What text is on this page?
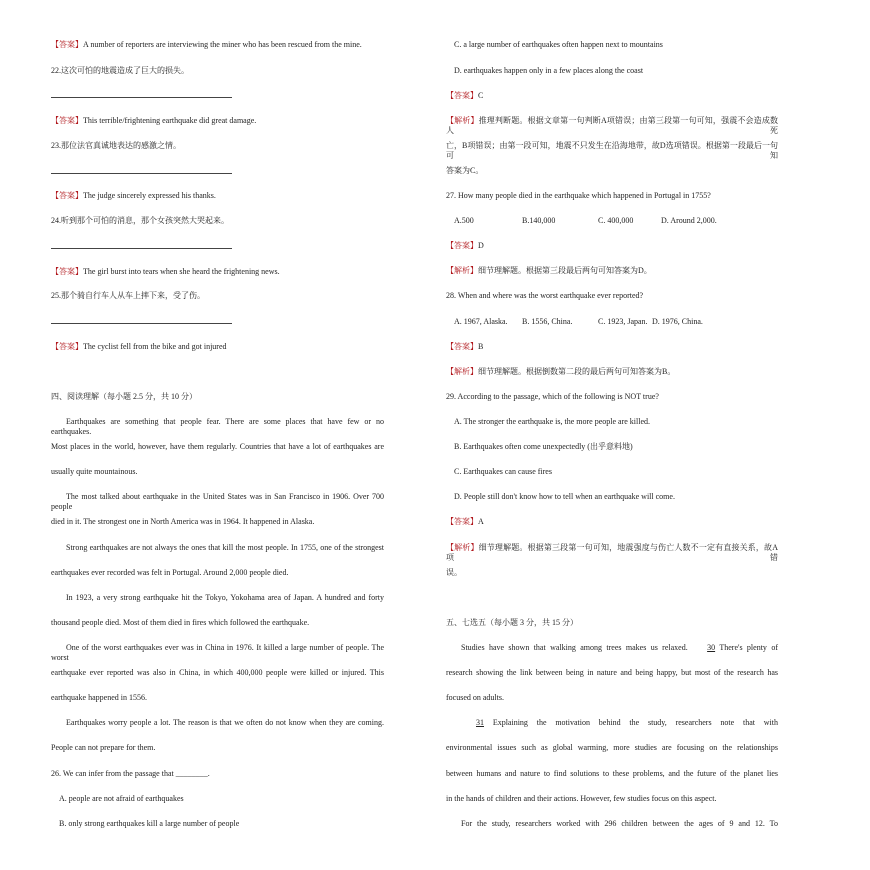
【答案】A number of reporters are interviewing the miner who has been rescued from the mine.
22.这次可怕的地震造成了巨大的损失。
【答案】This terrible/frightening earthquake did great damage.
23.那位法官真诚地表达的感激之情。
【答案】The judge sincerely expressed his thanks.
24.听到那个可怕的消息，那个女孩突然大哭起来。
【答案】The girl burst into tears when she heard the frightening news.
25.那个骑自行车人从车上摔下来，受了伤。
【答案】The cyclist fell from the bike and got injured
四、阅读理解（每小题 2.5 分，共 10 分）
Earthquakes are something that people fear. There are some places that have few or no earthquakes.
Most places in the world, however, have them regularly. Countries that have a lot of earthquakes are
usually quite mountainous.
The most talked about earthquake in the United States was in San Francisco in 1906. Over 700 people
died in it. The strongest one in North America was in 1964. It happened in Alaska.
Strong earthquakes are not always the ones that kill the most people. In 1755, one of the strongest
earthquakes ever recorded was felt in Portugal. Around 2,000 people died.
In 1923, a very strong earthquake hit the Tokyo, Yokohama area of Japan. A hundred and forty
thousand people died. Most of them died in fires which followed the earthquake.
One of the worst earthquakes ever was in China in 1976. It killed a large number of people. The worst
earthquake ever reported was also in China, in which 400,000 people were killed or injured. This
earthquake happened in 1556.
Earthquakes worry people a lot. The reason is that we often do not know when they are coming.
People can not prepare for them.
26. We can infer from the passage that ________.
A. people are not afraid of earthquakes
B. only strong earthquakes kill a large number of people
C. a large number of earthquakes often happen next to mountains
D. earthquakes happen only in a few places along the coast
【答案】C
【解析】推理判断题。根据文章第一句判断A项错误；由第三段第一句可知，强震不会造成数人死
亡，B项错误；由第一段可知，地震不只发生在沿海地带，故D选项错误。根据第一段最后一句可知
答案为C。
27. How many people died in the earthquake which happened in Portugal in 1755?
A.500	B.140,000	C. 400,000	D. Around 2,000.
【答案】D
【解析】细节理解题。根据第三段最后两句可知答案为D。
28. When and where was the worst earthquake ever reported?
A. 1967, Alaska. B. 1556, China.	C. 1923, Japan. D. 1976, China.
【答案】B
【解析】细节理解题。根据倒数第二段的最后两句可知答案为B。
29. According to the passage, which of the following is NOT true?
A. The stronger the earthquake is, the more people are killed.
B. Earthquakes often come unexpectedly (出乎意料地)
C. Earthquakes can cause fires
D. People still don't know how to tell when an earthquake will come.
【答案】A
【解析】细节理解题。根据第三段第一句可知，地震强度与伤亡人数不一定有直接关系，故A项错
误。
五、七选五（每小题 3 分，共 15 分）
Studies have shown that walking among trees makes us relaxed. 30 There's plenty of
research showing the link between being in nature and being happy, but most of the research has
focused on adults.
31 Explaining the motivation behind the study, researchers note that with
environmental issues such as global warming, more studies are focusing on the relationships
between humans and nature to find solutions to these problems, and the future of the planet lies
in the hands of children and their actions. However, few studies focus on this aspect.
For the study, researchers worked with 296 children between the ages of 9 and 12. To
